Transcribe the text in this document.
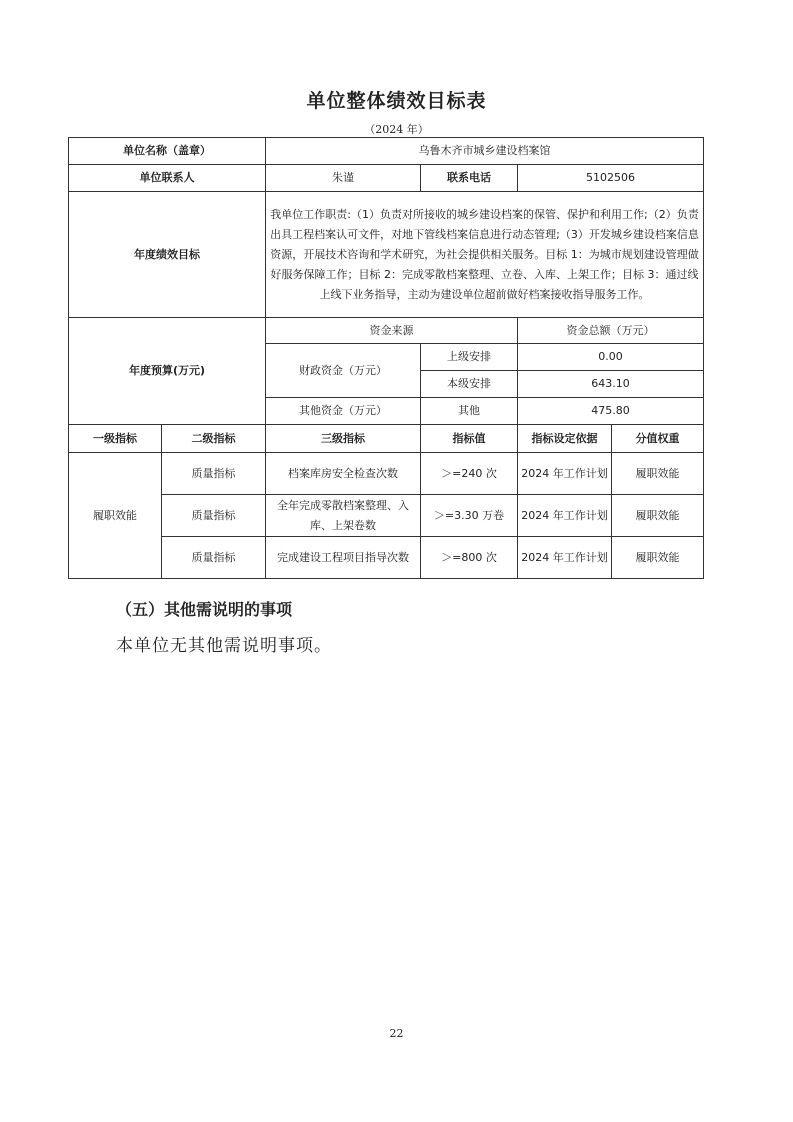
单位整体绩效目标表
（2024 年）
单位名称（盖章）		乌鲁木齐市城乡建设档案馆			
单位联系人		朱谨	联系电话	5102506	
年度绩效目标		我单位工作职责:（1）负责对所接收的城乡建设档案的保管、保护和利用工作;（2）负责出具工程档案认可文件，对地下管线档案信息进行动态管理;（3）开发城乡建设档案信息资源，开展技术咨询和学术研究，为社会提供相关服务。目标 1：为城市规划建设管理做好服务保障工作；目标 2：完成零散档案整理、立卷、入库、上架工作；目标 3：通过线上线下业务指导，主动为建设单位超前做好档案接收指导服务工作。			
年度预算(万元)		资金来源		资金总额（万元）	
		财政资金（万元）	上级安排	0.00	
			本级安排	643.10	
		其他资金（万元）	其他	475.80	
一级指标	二级指标	三级指标	指标值	指标设定依据	分值权重
履职效能	质量指标	档案库房安全检查次数	＞=240 次	2024 年工作计划	履职效能
	质量指标	全年完成零散档案整理、入库、上架卷数	＞=3.30 万卷	2024 年工作计划	履职效能
	质量指标	完成建设工程项目指导次数	＞=800 次	2024 年工作计划	履职效能
（五）其他需说明的事项
本单位无其他需说明事项。
22
